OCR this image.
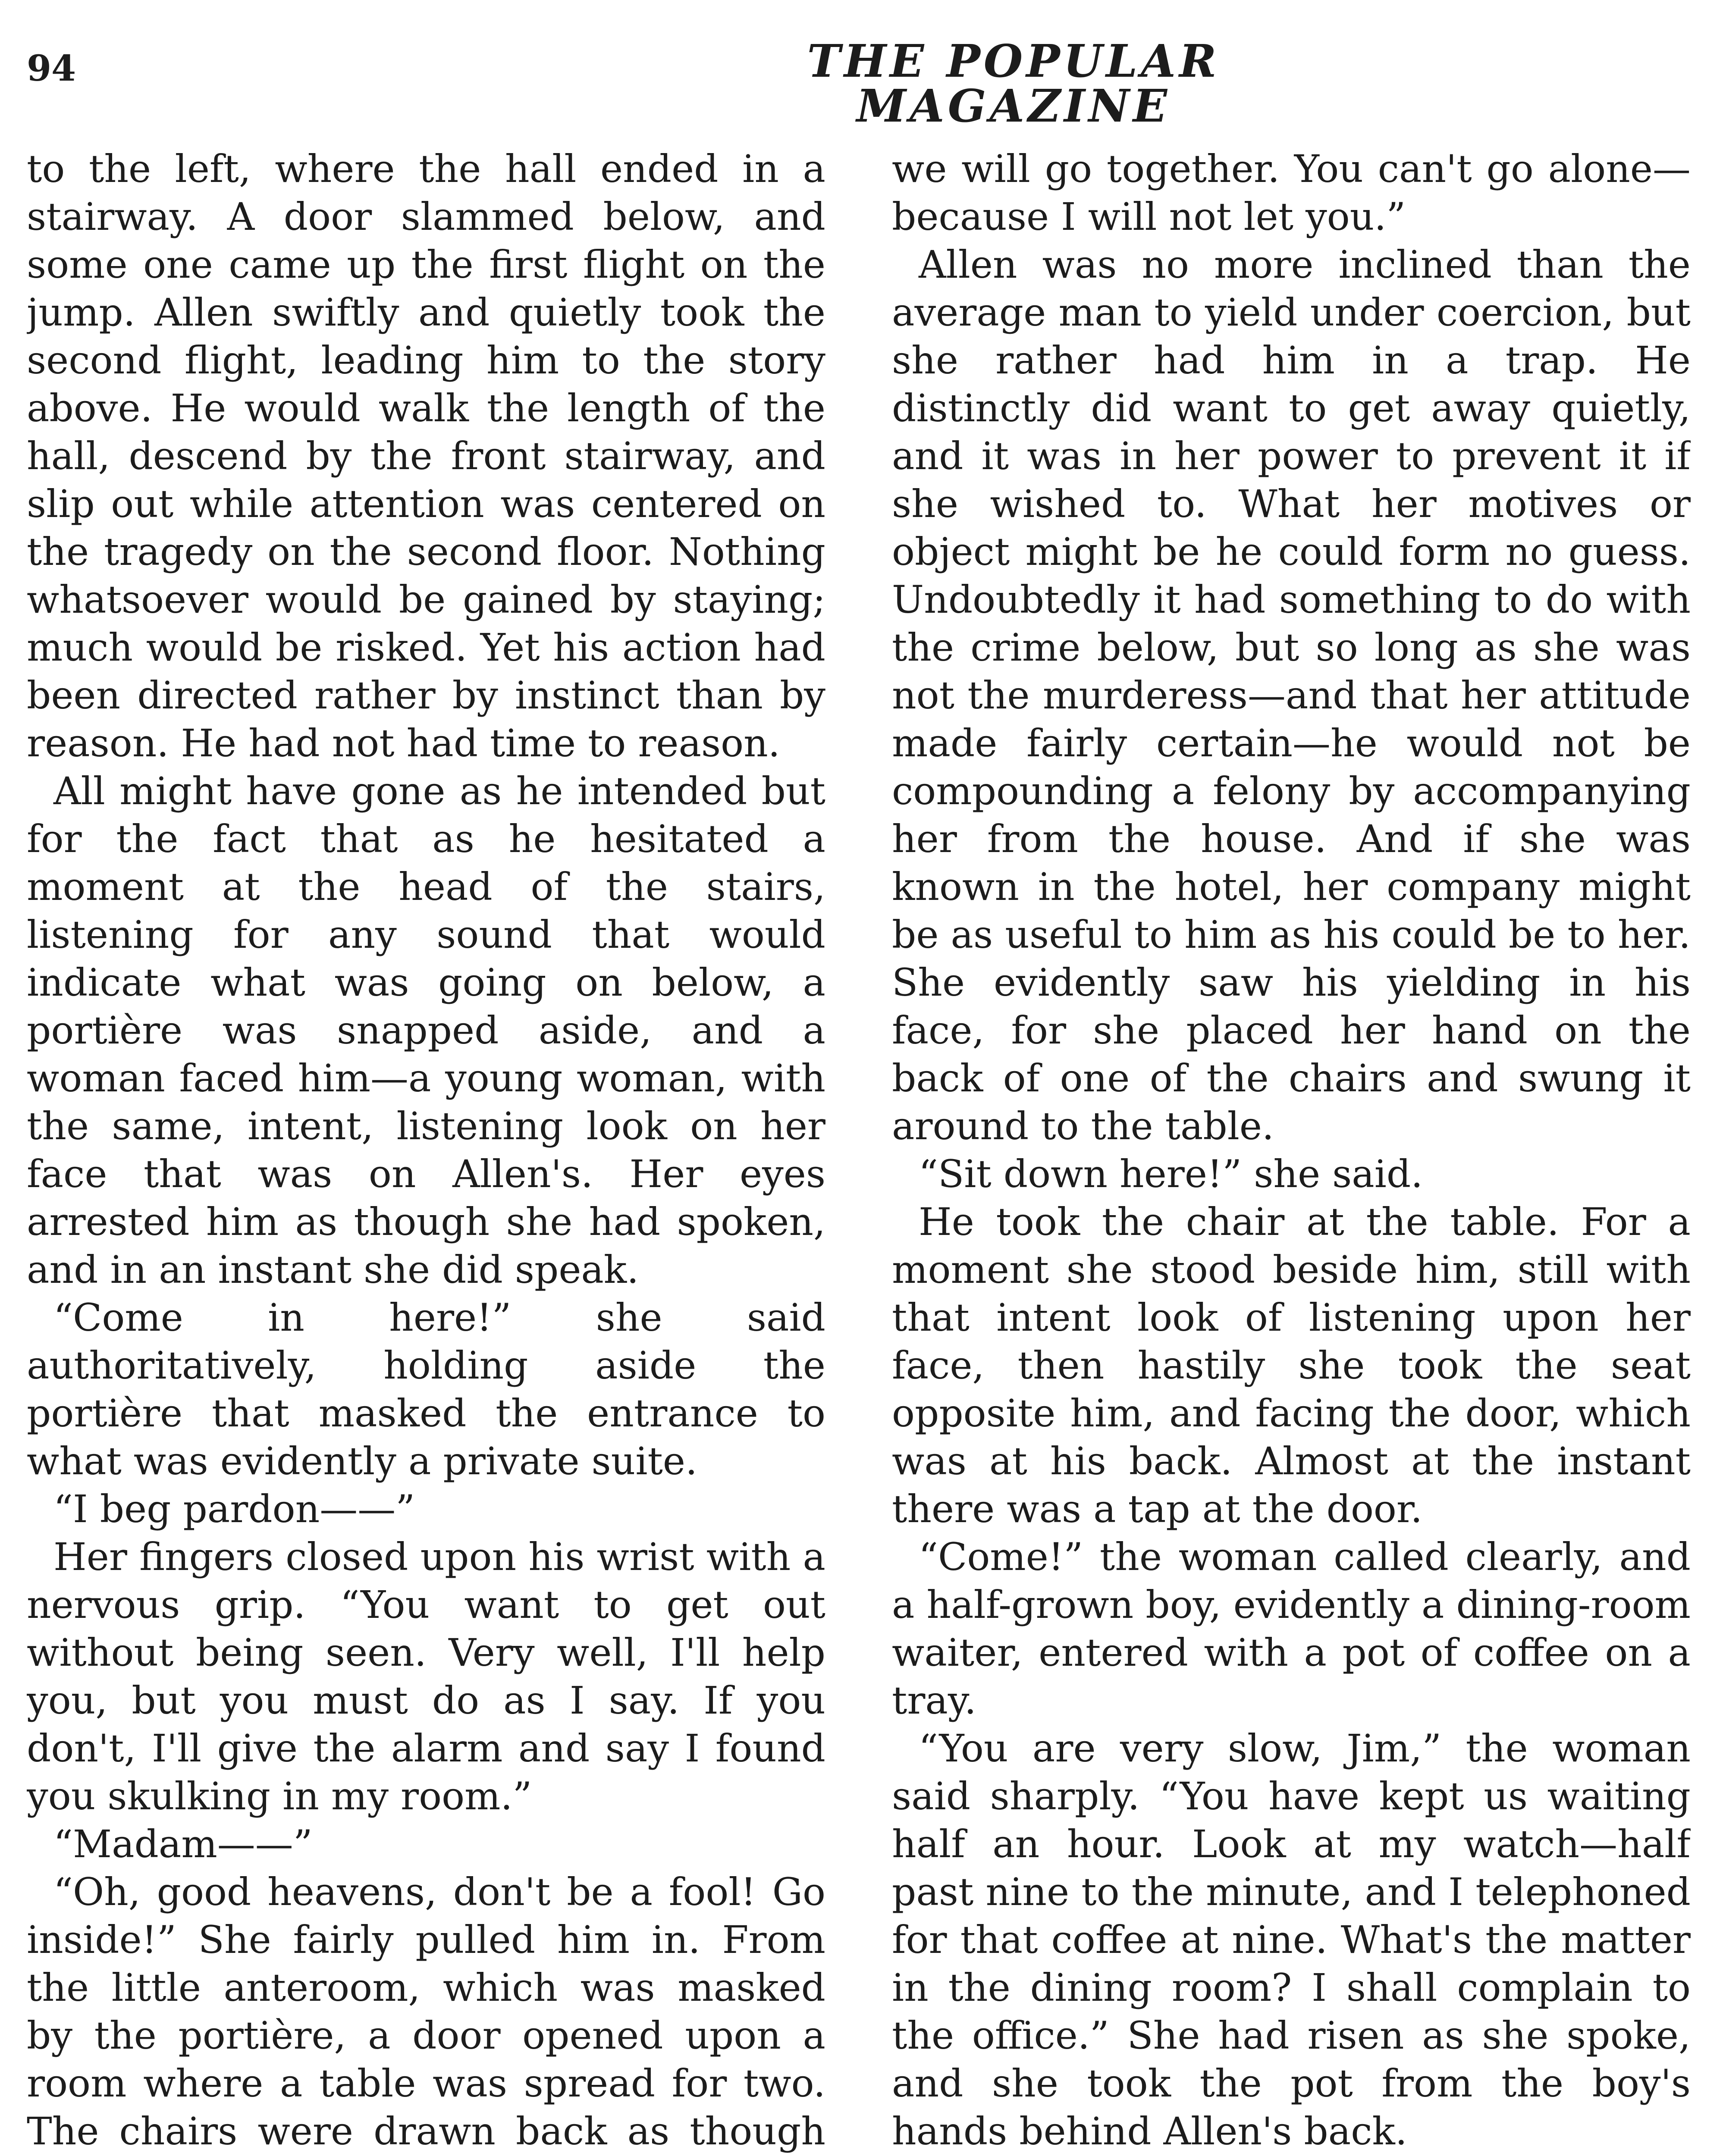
94	THE POPULAR MAGAZINE

to the left, where the hall ended in a stairway. A door slammed below, and some one came up the first flight on the jump. Allen swiftly and quietly took the second flight, leading him to the story above. He would walk the length of the hall, descend by the front stairway, and slip out while attention was centered on the tragedy on the second floor. Nothing whatsoever would be gained by staying; much would be risked. Yet his action had been directed rather by instinct than by reason. He had not had time to reason.

All might have gone as he intended but for the fact that as he hesitated a moment at the head of the stairs, listening for any sound that would indicate what was going on below, a portière was snapped aside, and a woman faced him—a young woman, with the same, intent, listening look on her face that was on Allen's. Her eyes arrested him as though she had spoken, and in an instant she did speak.

“Come in here!” she said authoritatively, holding aside the portière that masked the entrance to what was evidently a private suite.

“I beg pardon——”

Her fingers closed upon his wrist with a nervous grip. “You want to get out without being seen. Very well, I'll help you, but you must do as I say. If you don't, I'll give the alarm and say I found you skulking in my room.”

“Madam——”

“Oh, good heavens, don't be a fool! Go inside!” She fairly pulled him in. From the little anteroom, which was masked by the portière, a door opened upon a room where a table was spread for two. The chairs were drawn back as though

we will go together. You can't go alone—because I will not let you.”

Allen was no more inclined than the average man to yield under coercion, but she rather had him in a trap. He distinctly did want to get away quietly, and it was in her power to prevent it if she wished to. What her motives or object might be he could form no guess. Undoubtedly it had something to do with the crime below, but so long as she was not the murderess—and that her attitude made fairly certain—he would not be compounding a felony by accompanying her from the house. And if she was known in the hotel, her company might be as useful to him as his could be to her. She evidently saw his yielding in his face, for she placed her hand on the back of one of the chairs and swung it around to the table.

“Sit down here!” she said.

He took the chair at the table. For a moment she stood beside him, still with that intent look of listening upon her face, then hastily she took the seat opposite him, and facing the door, which was at his back. Almost at the instant there was a tap at the door.

“Come!” the woman called clearly, and a half-grown boy, evidently a dining-room waiter, entered with a pot of coffee on a tray.

“You are very slow, Jim,” the woman said sharply. “You have kept us waiting half an hour. Look at my watch—half past nine to the minute, and I telephoned for that coffee at nine. What's the matter in the dining room? I shall complain to the office.” She had risen as she spoke, and she took the pot from the boy's hands behind Allen's back.
